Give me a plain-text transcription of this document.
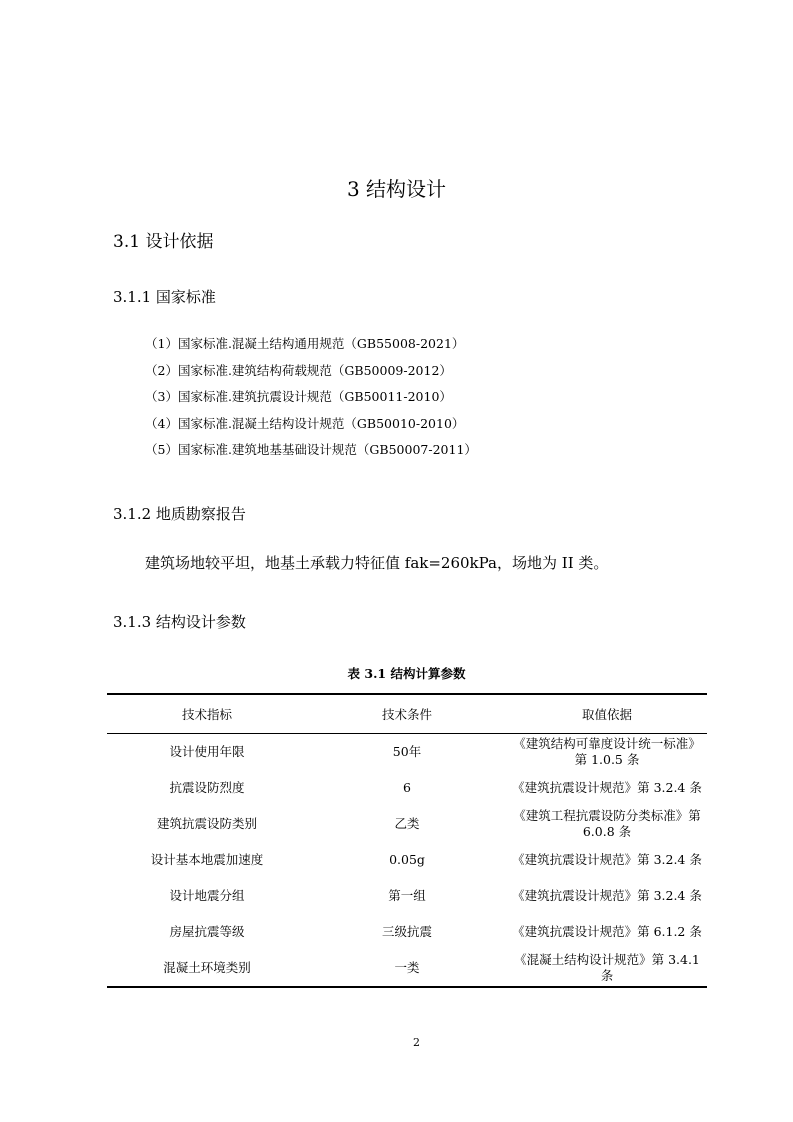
3 结构设计
3.1 设计依据
3.1.1 国家标准
（1）国家标准.混凝土结构通用规范（GB55008-2021）
（2）国家标准.建筑结构荷载规范（GB50009-2012）
（3）国家标准.建筑抗震设计规范（GB50011-2010）
（4）国家标准.混凝土结构设计规范（GB50010-2010）
（5）国家标准.建筑地基基础设计规范（GB50007-2011）
3.1.2 地质勘察报告
建筑场地较平坦，地基土承载力特征值 fak=260kPa，场地为 II 类。
3.1.3 结构设计参数
表 3.1 结构计算参数
技术指标	技术条件	取值依据
设计使用年限	50年	《建筑结构可靠度设计统一标准》第 1.0.5 条
抗震设防烈度	6	《建筑抗震设计规范》第 3.2.4 条
建筑抗震设防类别	乙类	《建筑工程抗震设防分类标准》第 6.0.8 条
设计基本地震加速度	0.05g	《建筑抗震设计规范》第 3.2.4 条
设计地震分组	第一组	《建筑抗震设计规范》第 3.2.4 条
房屋抗震等级	三级抗震	《建筑抗震设计规范》第 6.1.2 条
混凝土环境类别	一类	《混凝土结构设计规范》第 3.4.1 条
2
